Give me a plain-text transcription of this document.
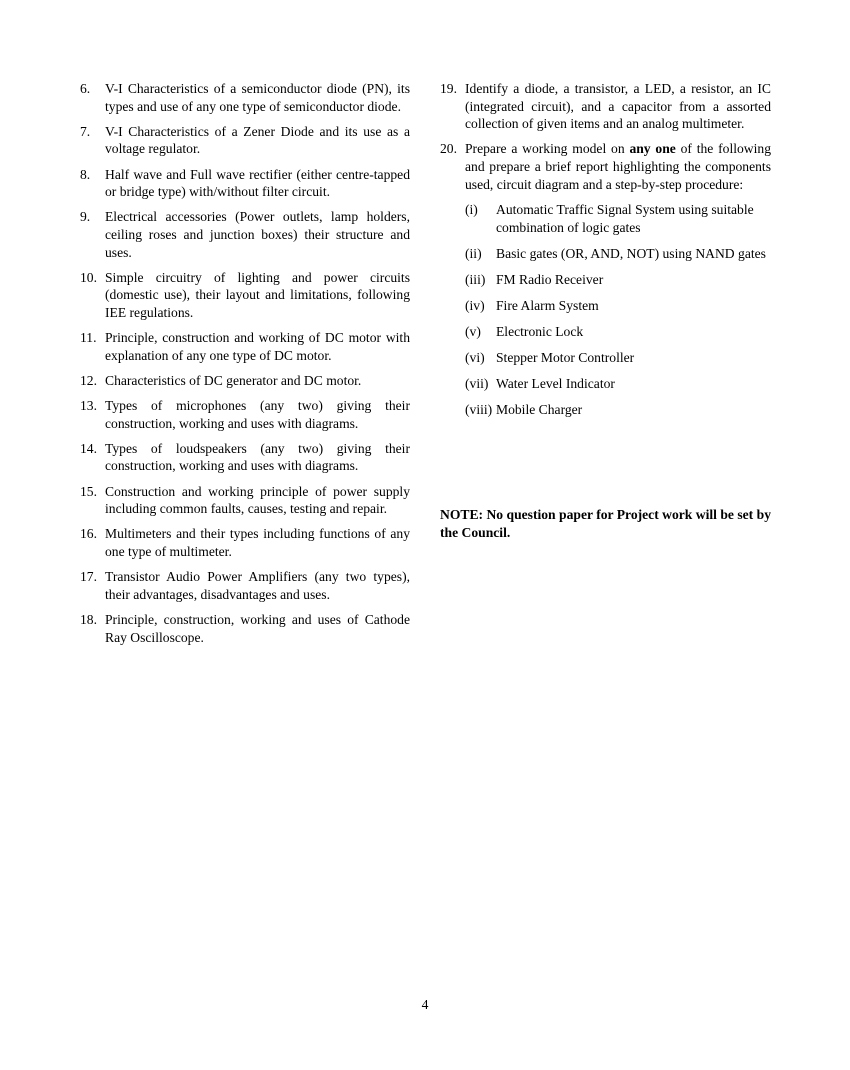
6.	V-I Characteristics of a semiconductor diode (PN), its types and use of any one type of semiconductor diode.
7.	V-I Characteristics of a Zener Diode and its use as a voltage regulator.
8.	Half wave and Full wave rectifier (either centre-tapped or bridge type) with/without filter circuit.
9.	Electrical accessories (Power outlets, lamp holders, ceiling roses and junction boxes) their structure and uses.
10. Simple circuitry of lighting and power circuits (domestic use), their layout and limitations, following IEE regulations.
11. Principle, construction and working of DC motor with explanation of any one type of DC motor.
12. Characteristics of DC generator and DC motor.
13. Types of microphones (any two) giving their construction, working and uses with diagrams.
14. Types of loudspeakers (any two) giving their construction, working and uses with diagrams.
15. Construction and working principle of power supply including common faults, causes, testing and repair.
16. Multimeters and their types including functions of any one type of multimeter.
17. Transistor Audio Power Amplifiers (any two types), their advantages, disadvantages and uses.
18. Principle, construction, working and uses of Cathode Ray Oscilloscope.
19. Identify a diode, a transistor, a LED, a resistor, an IC (integrated circuit), and a capacitor from a assorted collection of given items and an analog multimeter.
20. Prepare a working model on any one of the following and prepare a brief report highlighting the components used, circuit diagram and a step-by-step procedure:
(i)	Automatic Traffic Signal System using suitable combination of logic gates
(ii)	Basic gates (OR, AND, NOT) using NAND gates
(iii) FM Radio Receiver
(iv) Fire Alarm System
(v)	Electronic Lock
(vi) Stepper Motor Controller
(vii) Water Level Indicator
(viii) Mobile Charger
NOTE: No question paper for Project work will be set by the Council.
4
